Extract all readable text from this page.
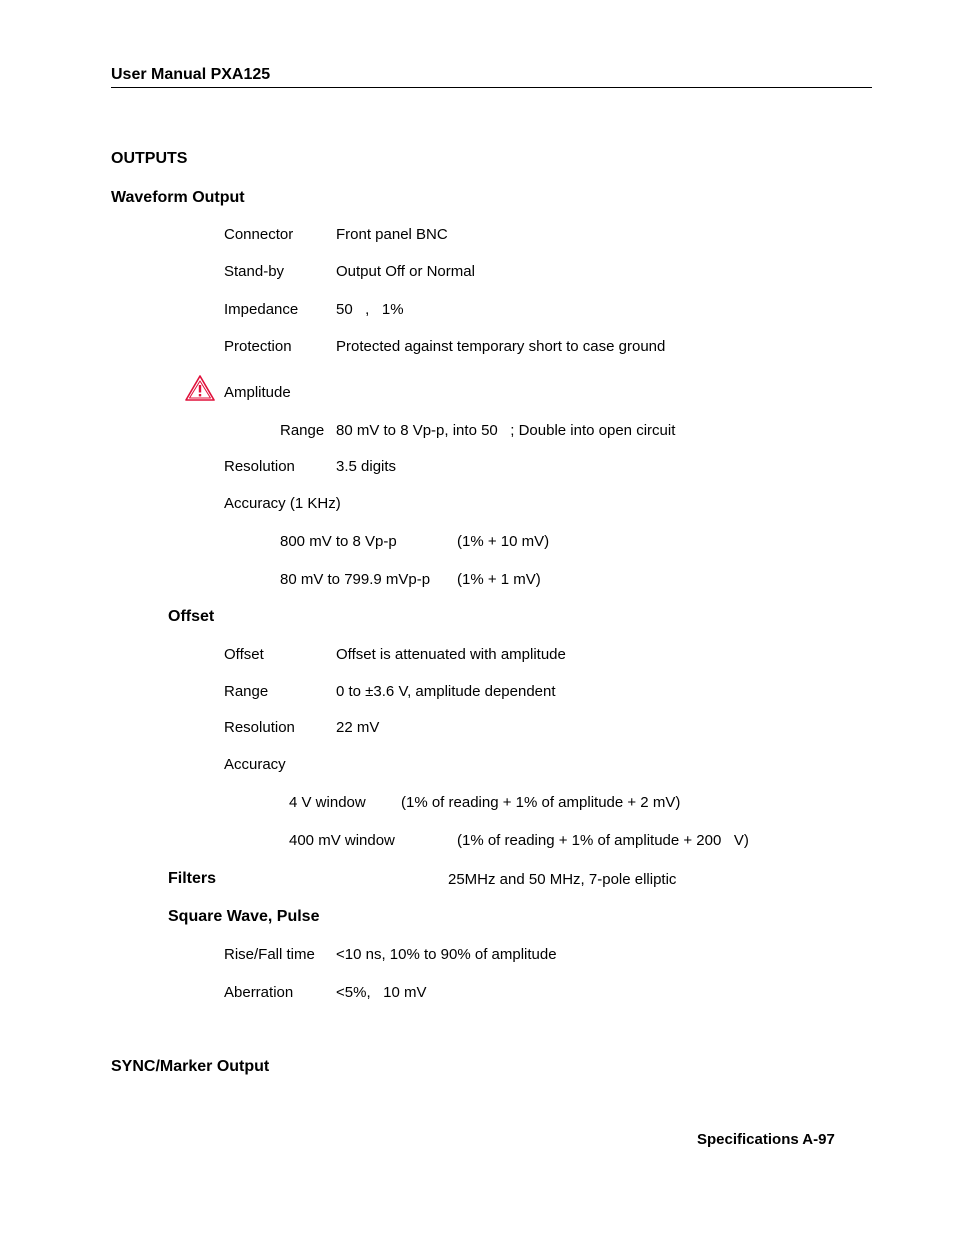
User Manual PXA125
OUTPUTS
Waveform Output
Connector	Front panel BNC
Stand-by	Output Off or Normal
Impedance	50   ,   1%
Protection	Protected against temporary short to case ground
Amplitude
Range 80 mV to 8 Vp-p, into 50   ; Double into open circuit
Resolution	3.5 digits
Accuracy (1 KHz)
800 mV to 8 Vp-p	(1% + 10 mV)
80 mV to 799.9 mVp-p (1% + 1 mV)
Offset
Offset	Offset is attenuated with amplitude
Range	0 to ±3.6 V, amplitude dependent
Resolution	22 mV
Accuracy
4 V window (1% of reading + 1% of amplitude + 2 mV)
400 mV window	(1% of reading + 1% of amplitude + 200   V)
Filters	25MHz and 50 MHz, 7-pole elliptic
Square Wave, Pulse
Rise/Fall time <10 ns, 10% to 90% of amplitude
Aberration	<5%,   10 mV
SYNC/Marker Output
Specifications A-97
